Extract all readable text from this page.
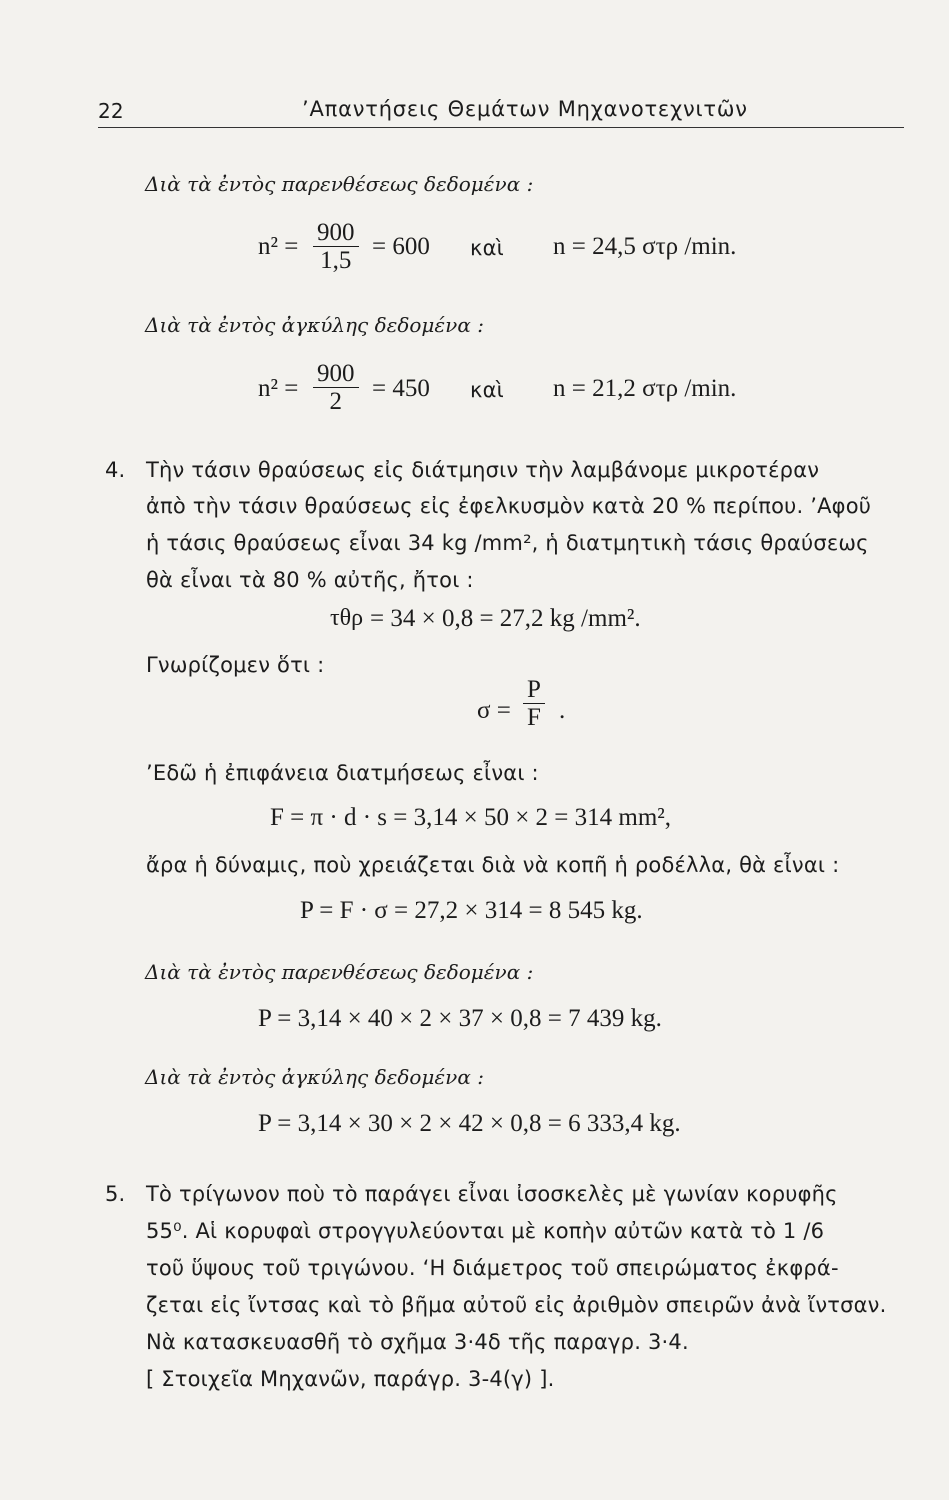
22	’Απαντήσεις Θεμάτων Μηχανοτεχνιτῶν
Διὰ τὰ ἐντὸς παρενθέσεως δεδομένα :
$n^2 = \frac{900}{1,5} = 600$ καὶ n = 24,5 στρ /min.
Διὰ τὰ ἐντὸς ἀγκύλης δεδομένα :
$n^2 = \frac{900}{2} = 450$ καὶ n = 21,2 στρ /min.
4. Τὴν τάσιν θραύσεως εἰς διάτμησιν τὴν λαμβάνομε μικροτέραν
ἀπὸ τὴν τάσιν θραύσεως εἰς ἐφελκυσμὸν κατὰ 20 % περίπου. ’Αφοῦ
ἡ τάσις θραύσεως εἶναι 34 kg /mm², ἡ διατμητικὴ τάσις θραύσεως
θὰ εἶναι τὰ 80 % αὐτῆς, ἤτοι :
τθρ = 34 × 0,8 = 27,2 kg /mm².
Γνωρίζομεν ὅτι :
$\sigma = \frac{P}{F}$ .
’Εδῶ ἡ ἐπιφάνεια διατμήσεως εἶναι :
F = π · d · s = 3,14 × 50 × 2 = 314 mm²,
ἄρα ἡ δύναμις, ποὺ χρειάζεται διὰ νὰ κοπῆ ἡ ροδέλλα, θὰ εἶναι :
P = F · σ = 27,2 × 314 = 8 545 kg.
Διὰ τὰ ἐντὸς παρενθέσεως δεδομένα :
P = 3,14 × 40 × 2 × 37 × 0,8 = 7 439 kg.
Διὰ τὰ ἐντὸς ἀγκύλης δεδομένα :
P = 3,14 × 30 × 2 × 42 × 0,8 = 6 333,4 kg.
5. Τὸ τρίγωνον ποὺ τὸ παράγει εἶναι ἰσοσκελὲς μὲ γωνίαν κορυφῆς
55⁰. Αἱ κορυφαὶ στρογγυλεύονται μὲ κοπὴν αὐτῶν κατὰ τὸ 1 /6
τοῦ ὕψους τοῦ τριγώνου. ‘Η διάμετρος τοῦ σπειρώματος ἐκφρά-
ζεται εἰς ἴντσας καὶ τὸ βῆμα αὐτοῦ εἰς ἀριθμὸν σπειρῶν ἀνὰ ἴντσαν.
Νὰ κατασκευασθῆ τὸ σχῆμα 3·4δ τῆς παραγρ. 3·4.
[ Στοιχεῖα Μηχανῶν, παράγρ. 3-4(γ) ].
